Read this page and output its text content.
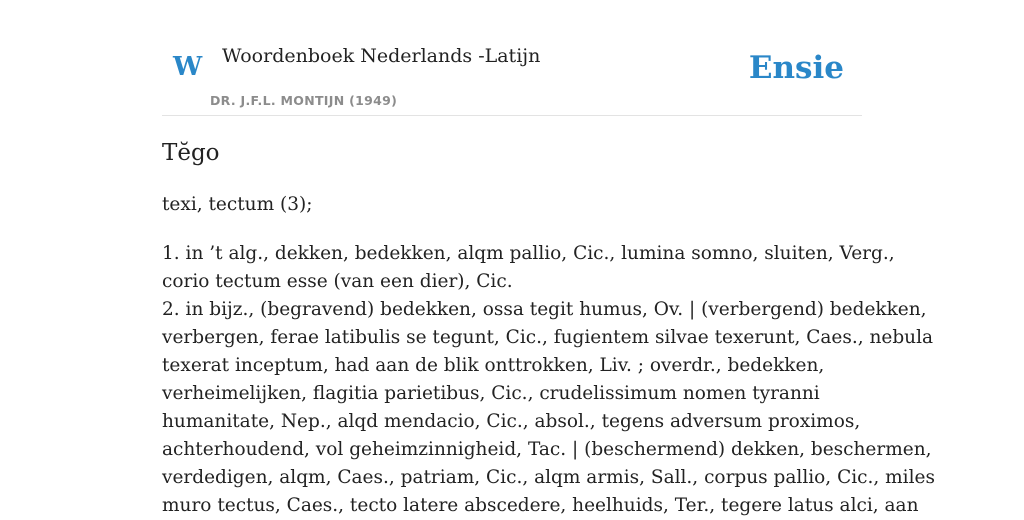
W Woordenboek Nederlands -Latijn
DR. J.F.L. MONTIJN (1949)
Ensie
Tĕgo
texi, tectum (3);
1. in ’t alg., dekken, bedekken, alqm pallio, Cic., lumina somno, sluiten, Verg.,
corio tectum esse (van een dier), Cic.
2. in bijz., (begravend) bedekken, ossa tegit humus, Ov. | (verbergend) bedekken,
verbergen, ferae latibulis se tegunt, Cic., fugientem silvae texerunt, Caes., nebula
texerat inceptum, had aan de blik onttrokken, Liv. ; overdr., bedekken,
verheimelijken, flagitia parietibus, Cic., crudelissimum nomen tyranni
humanitate, Nep., alqd mendacio, Cic., absol., tegens adversum proximos,
achterhoudend, vol geheimzinnigheid, Tac. | (beschermend) dekken, beschermen,
verdedigen, alqm, Caes., patriam, Cic., alqm armis, Sall., corpus pallio, Cic., miles
muro tectus, Caes., tecto latere abscedere, heelhuids, Ter., tegere latus alci, aan
